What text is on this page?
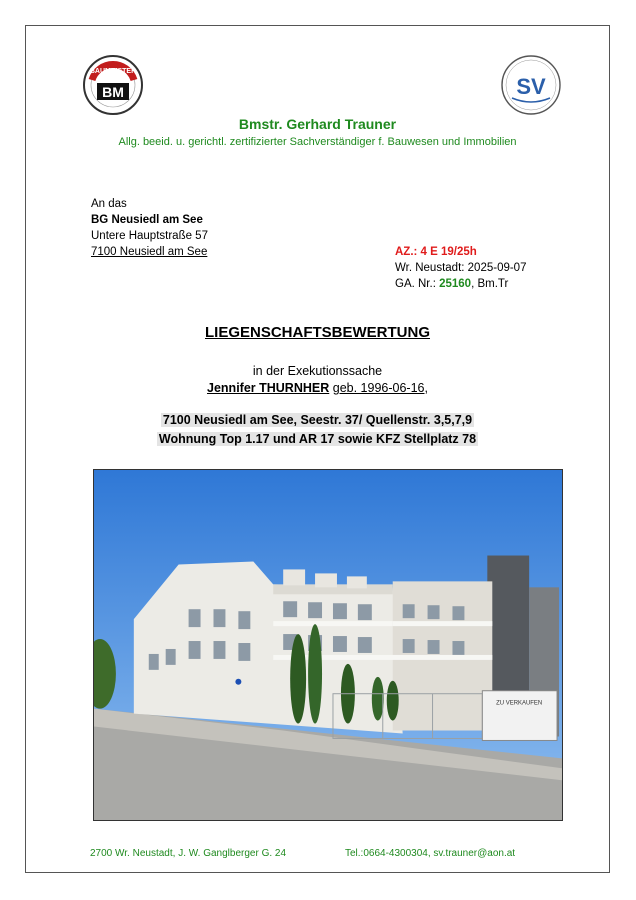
BAUMEISTER
BM	SV
Bmstr. Gerhard Trauner
Allg. beeid. u. gerichtl. zertifizierter Sachverständiger f. Bauwesen und Immobilien
An das
BG Neusiedl am See
Untere Hauptstraße 57
7100 Neusiedl am See	AZ.: 4 E 19/25h
Wr. Neustadt: 2025-09-07
GA. Nr.: 25160, Bm.Tr
LIEGENSCHAFTSBEWERTUNG
in der Exekutionssache
Jennifer THURNHER geb. 1996-06-16,
7100 Neusiedl am See, Seestr. 37/ Quellenstr. 3,5,7,9
Wohnung Top 1.17 und AR 17 sowie KFZ Stellplatz 78
ZU VERKAUFEN
2700 Wr. Neustadt, J. W. Ganglberger G. 24	Tel.:0664-4300304, sv.trauner@aon.at
